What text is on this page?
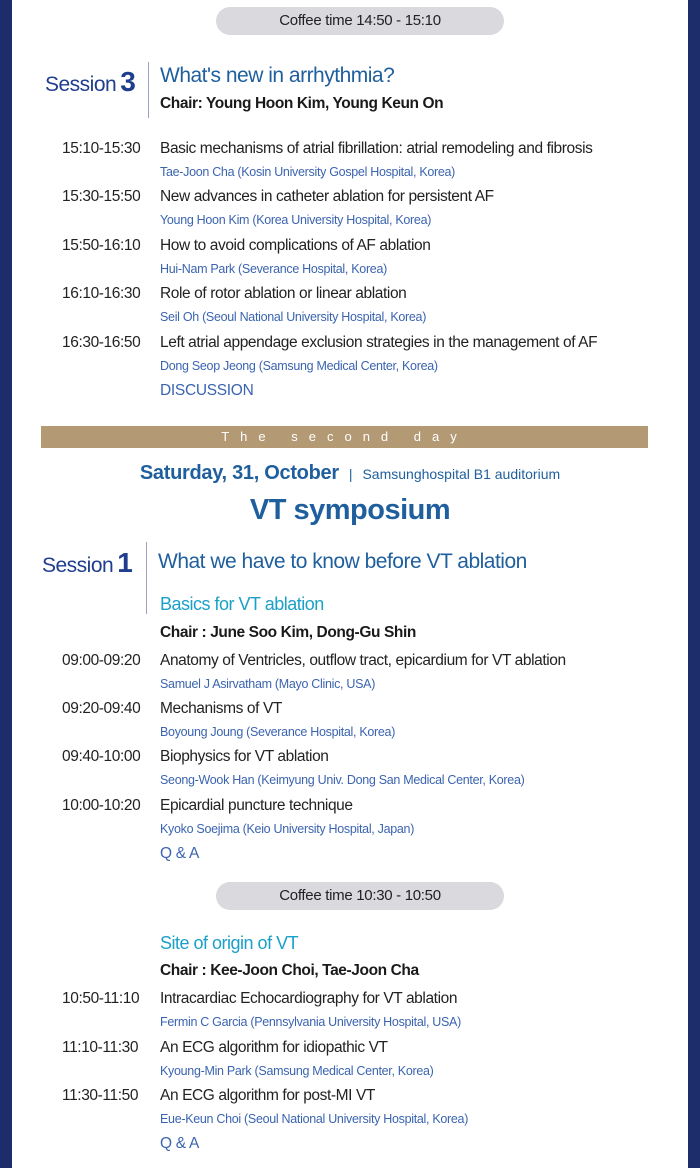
Coffee time 14:50 - 15:10
Session 3 What's new in arrhythmia?
Chair: Young Hoon Kim, Young Keun On
15:10-15:30 Basic mechanisms of atrial fibrillation: atrial remodeling and fibrosis
Tae-Joon Cha (Kosin University Gospel Hospital, Korea)
15:30-15:50 New advances in catheter ablation for persistent AF
Young Hoon Kim (Korea University Hospital, Korea)
15:50-16:10 How to avoid complications of AF ablation
Hui-Nam Park (Severance Hospital, Korea)
16:10-16:30 Role of rotor ablation or linear ablation
Seil Oh (Seoul National University Hospital, Korea)
16:30-16:50 Left atrial appendage exclusion strategies in the management of AF
Dong Seop Jeong (Samsung Medical Center, Korea)
DISCUSSION
The second day
Saturday, 31, October | Samsunghospital B1 auditorium
VT symposium
Session 1 What we have to know before VT ablation
Basics for VT ablation
Chair : June Soo Kim, Dong-Gu Shin
09:00-09:20 Anatomy of Ventricles, outflow tract, epicardium for VT ablation
Samuel J Asirvatham (Mayo Clinic, USA)
09:20-09:40 Mechanisms of VT
Boyoung Joung (Severance Hospital, Korea)
09:40-10:00 Biophysics for VT ablation
Seong-Wook Han (Keimyung Univ. Dong San Medical Center, Korea)
10:00-10:20 Epicardial puncture technique
Kyoko Soejima (Keio University Hospital, Japan)
Q & A
Coffee time 10:30 - 10:50
Site of origin of VT
Chair : Kee-Joon Choi, Tae-Joon Cha
10:50-11:10 Intracardiac Echocardiography for VT ablation
Fermin C Garcia (Pennsylvania University Hospital, USA)
11:10-11:30 An ECG algorithm for idiopathic VT
Kyoung-Min Park (Samsung Medical Center, Korea)
11:30-11:50 An ECG algorithm for post-MI VT
Eue-Keun Choi (Seoul National University Hospital, Korea)
Q & A
